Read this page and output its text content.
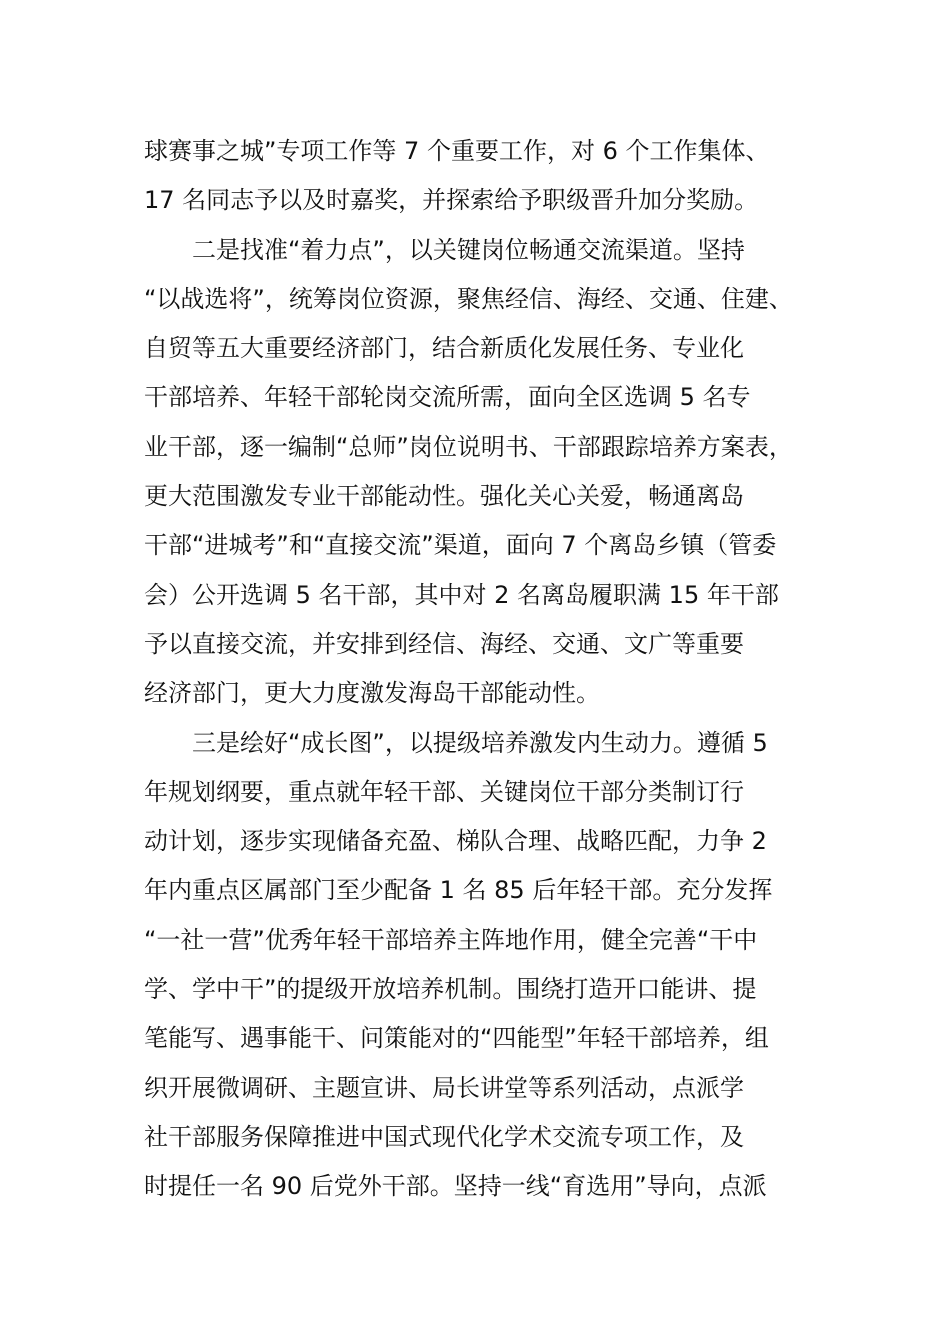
球赛事之城”专项工作等 7 个重要工作，对 6 个工作集体、
17 名同志予以及时嘉奖，并探索给予职级晋升加分奖励。
二是找准“着力点”，以关键岗位畅通交流渠道。坚持
“以战选将”，统筹岗位资源，聚焦经信、海经、交通、住建、
自贸等五大重要经济部门，结合新质化发展任务、专业化
干部培养、年轻干部轮岗交流所需，面向全区选调 5 名专
业干部，逐一编制“总师”岗位说明书、干部跟踪培养方案表，
更大范围激发专业干部能动性。强化关心关爱，畅通离岛
干部“进城考”和“直接交流”渠道，面向 7 个离岛乡镇（管委
会）公开选调 5 名干部，其中对 2 名离岛履职满 15 年干部
予以直接交流，并安排到经信、海经、交通、文广等重要
经济部门，更大力度激发海岛干部能动性。
三是绘好“成长图”，以提级培养激发内生动力。遵循 5
年规划纲要，重点就年轻干部、关键岗位干部分类制订行
动计划，逐步实现储备充盈、梯队合理、战略匹配，力争 2
年内重点区属部门至少配备 1 名 85 后年轻干部。充分发挥
“一社一营”优秀年轻干部培养主阵地作用，健全完善“干中
学、学中干”的提级开放培养机制。围绕打造开口能讲、提
笔能写、遇事能干、问策能对的“四能型”年轻干部培养，组
织开展微调研、主题宣讲、局长讲堂等系列活动，点派学
社干部服务保障推进中国式现代化学术交流专项工作，及
时提任一名 90 后党外干部。坚持一线“育选用”导向，点派
